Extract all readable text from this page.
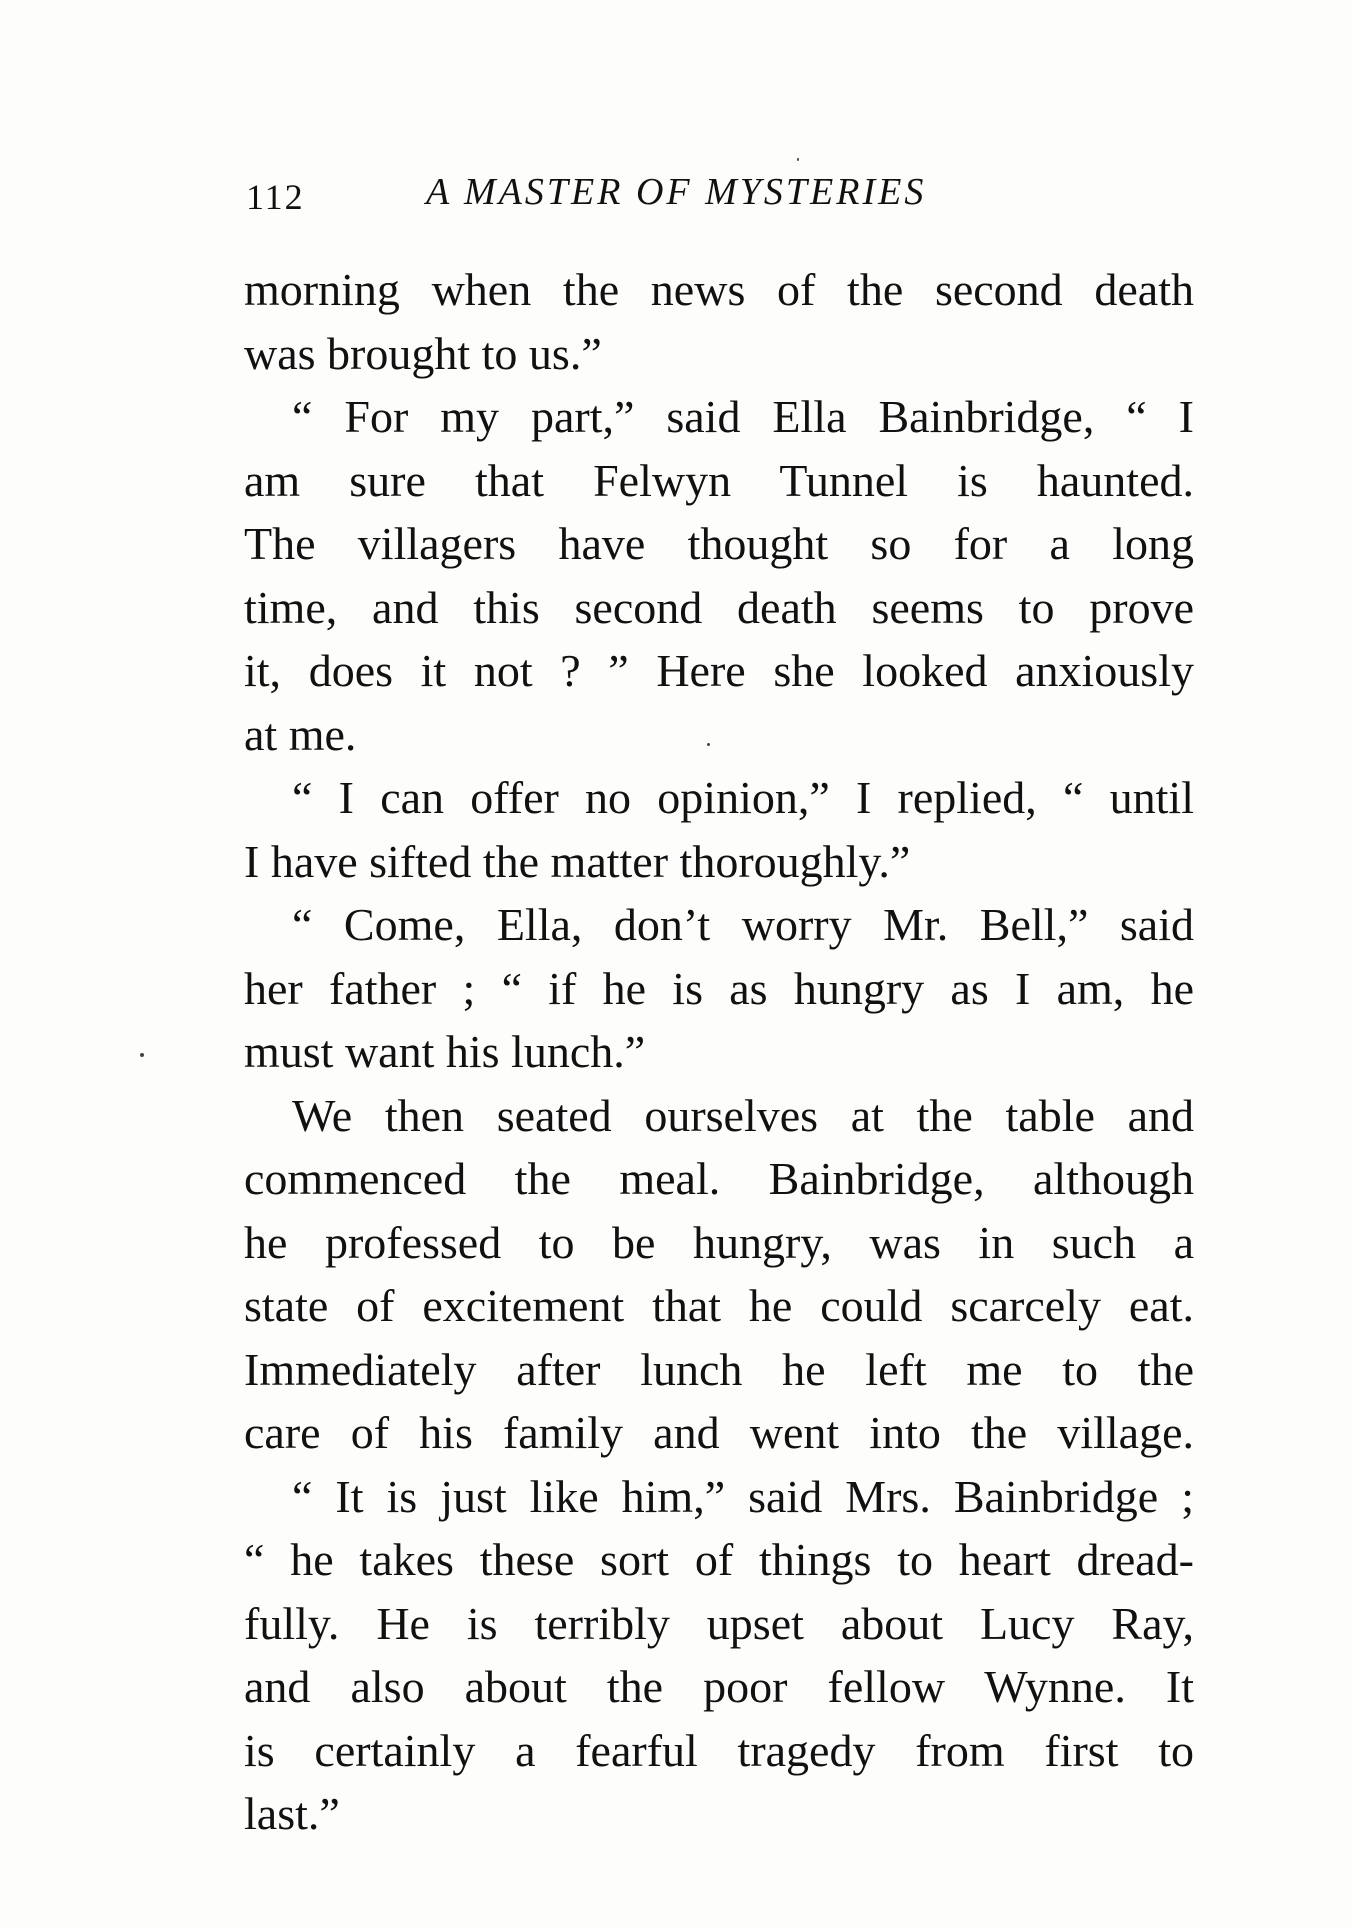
112	A MASTER OF MYSTERIES
morning when the news of the second death
was brought to us.”
“ For my part,” said Ella Bainbridge, “ I
am sure that Felwyn Tunnel is haunted.
The villagers have thought so for a long
time, and this second death seems to prove
it, does it not ? ” Here she looked anxiously
at me.
“ I can offer no opinion,” I replied, “ until
I have sifted the matter thoroughly.”
“ Come, Ella, don’t worry Mr. Bell,” said
her father ; “ if he is as hungry as I am, he
must want his lunch.”
We then seated ourselves at the table and
commenced the meal. Bainbridge, although
he professed to be hungry, was in such a
state of excitement that he could scarcely eat.
Immediately after lunch he left me to the
care of his family and went into the village.
“ It is just like him,” said Mrs. Bainbridge ;
“ he takes these sort of things to heart dread-
fully. He is terribly upset about Lucy Ray,
and also about the poor fellow Wynne. It
is certainly a fearful tragedy from first to
last.”
